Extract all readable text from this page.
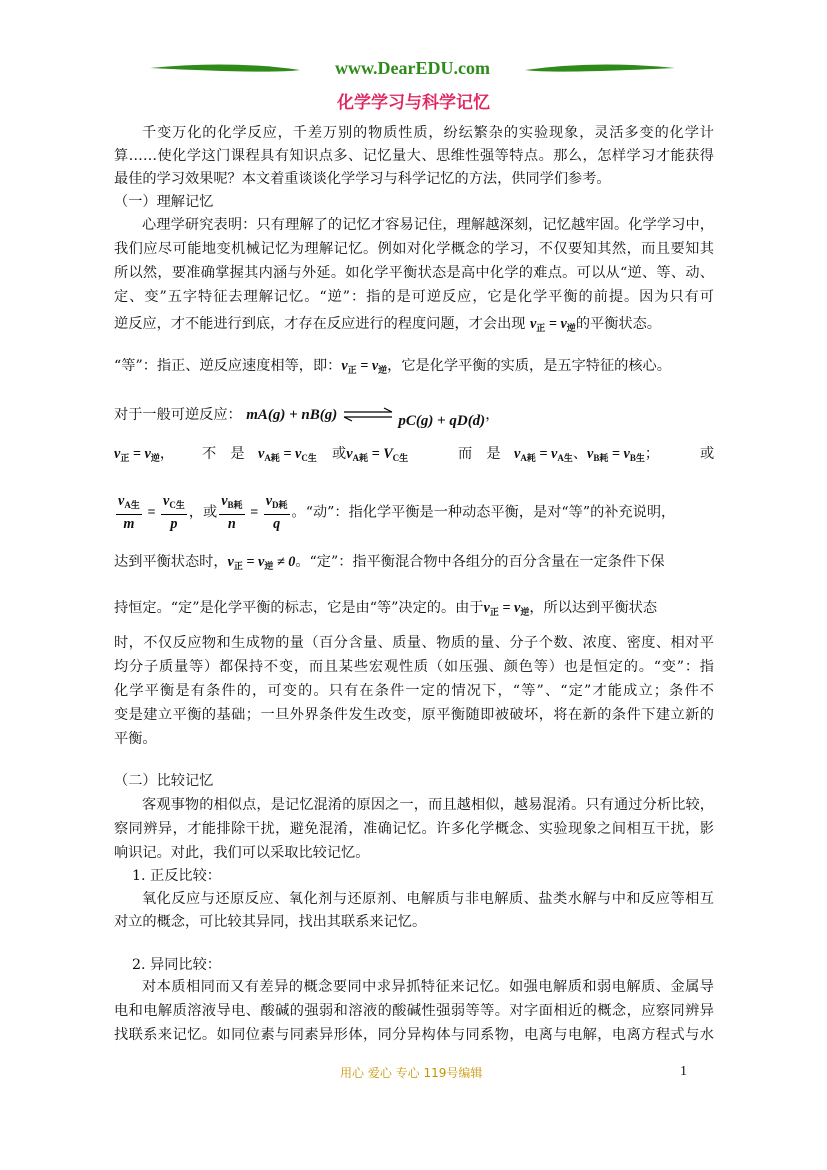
www.DearEDU.com
化学学习与科学记忆
千变万化的化学反应，千差万别的物质性质，纷纭繁杂的实验现象，灵活多变的化学计
算……使化学这门课程具有知识点多、记忆量大、思维性强等特点。那么，怎样学习才能获得
最佳的学习效果呢？本文着重谈谈化学学习与科学记忆的方法，供同学们参考。
（一）理解记忆
心理学研究表明：只有理解了的记忆才容易记住，理解越深刻，记忆越牢固。化学学习中，
我们应尽可能地变机械记忆为理解记忆。例如对化学概念的学习，不仅要知其然，而且要知其
所以然，要准确掌握其内涵与外延。如化学平衡状态是高中化学的难点。可以从“逆、等、动、
定、变”五字特征去理解记忆。“逆”：指的是可逆反应，它是化学平衡的前提。因为只有可
逆反应，才不能进行到底，才存在反应进行的程度问题，才会出现 $v_正 = v_逆$的平衡状态。
“等”：指正、逆反应速度相等，即：$v_正 = v_逆$，它是化学平衡的实质，是五字特征的核心。
对于一般可逆反应： mA(g) + nB(g) ⇌ pC(g) + qD(d)，
$v_正 = v_逆$， 不　是 $v_{A耗} = v_{C生}$ 或$v_{A耗} = V_{C生}$	而　是 $v_{A耗} = v_{A生}$、$v_{B耗} = v_{B生}$；	或
$\frac{v_{A生}}{m} = \frac{v_{C生}}{p}$ ，或 $\frac{v_{B耗}}{n} = \frac{v_{D耗}}{q}$ 。“动”：指化学平衡是一种动态平衡，是对“等”的补充说明，
达到平衡状态时，$v_正 = v_逆 \ne 0$。“定”：指平衡混合物中各组分的百分含量在一定条件下保
持恒定。“定”是化学平衡的标志，它是由“等”决定的。由于$v_正 = v_逆$，所以达到平衡状态
时，不仅反应物和生成物的量（百分含量、质量、物质的量、分子个数、浓度、密度、相对平
均分子质量等）都保持不变，而且某些宏观性质（如压强、颜色等）也是恒定的。“变”：指
化学平衡是有条件的，可变的。只有在条件一定的情况下，“等”、“定”才能成立；条件不
变是建立平衡的基础；一旦外界条件发生改变，原平衡随即被破坏，将在新的条件下建立新的
平衡。
（二）比较记忆
客观事物的相似点，是记忆混淆的原因之一，而且越相似，越易混淆。只有通过分析比较，
察同辨异，才能排除干扰，避免混淆，准确记忆。许多化学概念、实验现象之间相互干扰，影
响识记。对此，我们可以采取比较记忆。
1. 正反比较：
氧化反应与还原反应、氧化剂与还原剂、电解质与非电解质、盐类水解与中和反应等相互
对立的概念，可比较其异同，找出其联系来记忆。
2. 异同比较：
对本质相同而又有差异的概念要同中求异抓特征来记忆。如强电解质和弱电解质、金属导
电和电解质溶液导电、酸碱的强弱和溶液的酸碱性强弱等等。对字面相近的概念，应察同辨异
找联系来记忆。如同位素与同素异形体，同分异构体与同系物，电离与电解，电离方程式与水
用心 爱心 专心 119号编辑	1
